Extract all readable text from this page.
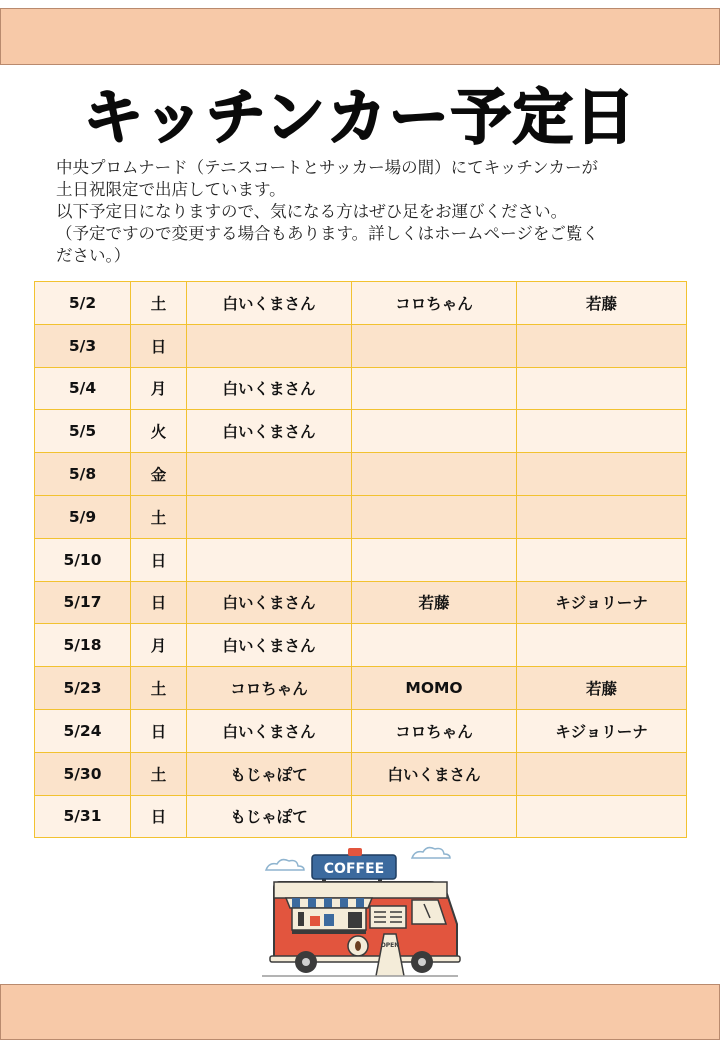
キッチンカー予定日

中央プロムナード（テニスコートとサッカー場の間）にてキッチンカーが

土日祝限定で出店しています。

以下予定日になりますので、気になる方はぜひ足をお運びください。

（予定ですので変更する場合もあります。詳しくはホームページをご覧く

ださい。）

5/2	土	白いくまさん	コロちゃん	若藤
5/3	日			
5/4	月	白いくまさん		
5/5	火	白いくまさん		
5/8	金			
5/9	土			
5/10	日			
5/17	日	白いくまさん	若藤	キジョリーナ
5/18	月	白いくまさん		
5/23	土	コロちゃん	MOMO	若藤
5/24	日	白いくまさん	コロちゃん	キジョリーナ
5/30	土	もじゃぽて	白いくまさん	
5/31	日	もじゃぽて		
COFFEE
OPEN
